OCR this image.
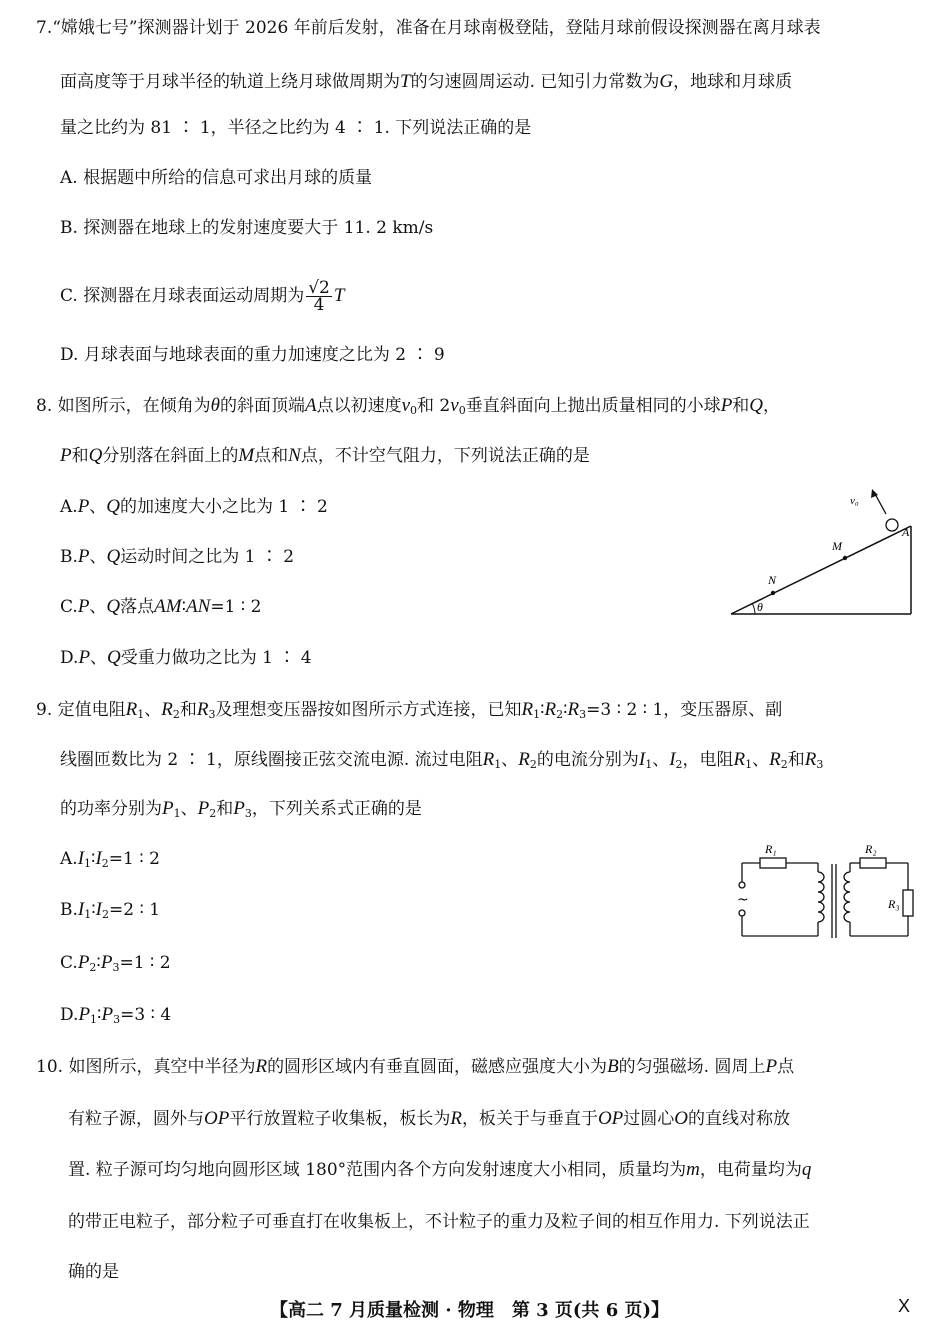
7.“嫦娥七号”探测器计划于 2026 年前后发射，准备在月球南极登陆，登陆月球前假设探测器在离月球表
面高度等于月球半径的轨道上绕月球做周期为T的匀速圆周运动. 已知引力常数为G，地球和月球质
量之比约为 81 ∶ 1，半径之比约为 4 ∶ 1. 下列说法正确的是
A. 根据题中所给的信息可求出月球的质量
B. 探测器在地球上的发射速度要大于 11. 2 km/s
C. 探测器在月球表面运动周期为 $\frac{√2}{4}$ T
D. 月球表面与地球表面的重力加速度之比为 2 ∶ 9
8. 如图所示，在倾角为θ的斜面顶端A点以初速度$v_0$和 $2v_0$垂直斜面向上抛出质量相同的小球P和Q，
P和Q分别落在斜面上的M点和N点，不计空气阻力，下列说法正确的是
A.P、Q的加速度大小之比为 1 ∶ 2
B.P、Q运动时间之比为 1 ∶ 2
C.P、Q落点AM∶AN=1 ∶ 2
D.P、Q受重力做功之比为 1 ∶ 4
θ
N
M
A
v₀
9. 定值电阻$R_1$、$R_2$和$R_3$及理想变压器按如图所示方式连接，已知$R_1∶R_2∶R_3=3$ ∶ 2 ∶ 1，变压器原、副
线圈匝数比为 2 ∶ 1，原线圈接正弦交流电源. 流过电阻$R_1$、$R_2$的电流分别为$I_1$、$I_2$，电阻$R_1$、$R_2$和$R_3$
的功率分别为$P_1$、$P_2$和$P_3$，下列关系式正确的是
$A.I_1∶I_2=1$ ∶ 2
$B.I_1∶I_2=2$ ∶ 1
$C.P_2∶P_3=1$ ∶ 2
$D.P_1∶P_3=3$ ∶ 4
~
R₁	R₂
R₃
10. 如图所示，真空中半径为R的圆形区域内有垂直圆面，磁感应强度大小为B的匀强磁场. 圆周上P点
有粒子源，圆外与OP平行放置粒子收集板，板长为R，板关于与垂直于OP过圆心O的直线对称放
置. 粒子源可均匀地向圆形区域 180°范围内各个方向发射速度大小相同，质量均为m，电荷量均为q
的带正电粒子，部分粒子可垂直打在收集板上，不计粒子的重力及粒子间的相互作用力. 下列说法正
确的是
【高二 7 月质量检测 · 物理　第 3 页(共 6 页)】	X
